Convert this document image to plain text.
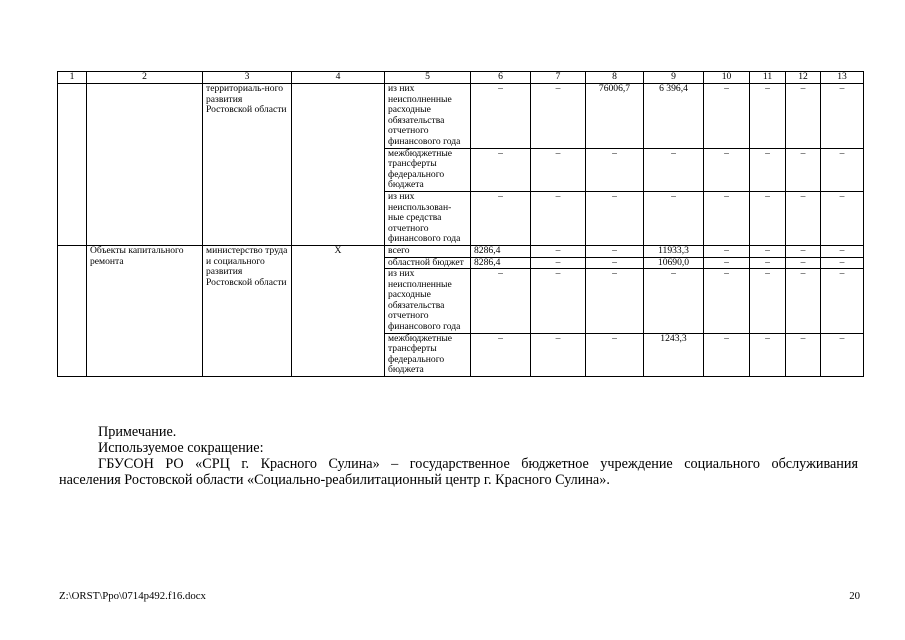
1	2	3	4	5	6	7	8	9	10	11	12	13
		территориаль-ного развития Ростовской области		из них неисполненные расходные обязательства отчетного финансового года	–	–	76006,7	6 396,4	–	–	–	–
				межбюджетные трансферты федерального бюджета	–	–	–	–	–	–	–	–
				из них неиспользован-ные средства отчетного финансового года	–	–	–	–	–	–	–	–
	Объекты капитального ремонта	министерство труда и социального развития Ростовской области	Х	всего	8286,4	–	–	11933,3	–	–	–	–
				областной бюджет	8286,4	–	–	10690,0	–	–	–	–
				из них неисполненные расходные обязательства отчетного финансового года	–	–	–	–	–	–	–	–
				межбюджетные трансферты федерального бюджета	–	–	–	1243,3	–	–	–	–
Примечание.
Используемое сокращение:
ГБУСОН РО «СРЦ г. Красного Сулина» – государственное бюджетное учреждение социального обслуживания
населения Ростовской области «Социально-реабилитационный центр г. Красного Сулина».
Z:\ORST\Ppo\0714p492.f16.docx	20
